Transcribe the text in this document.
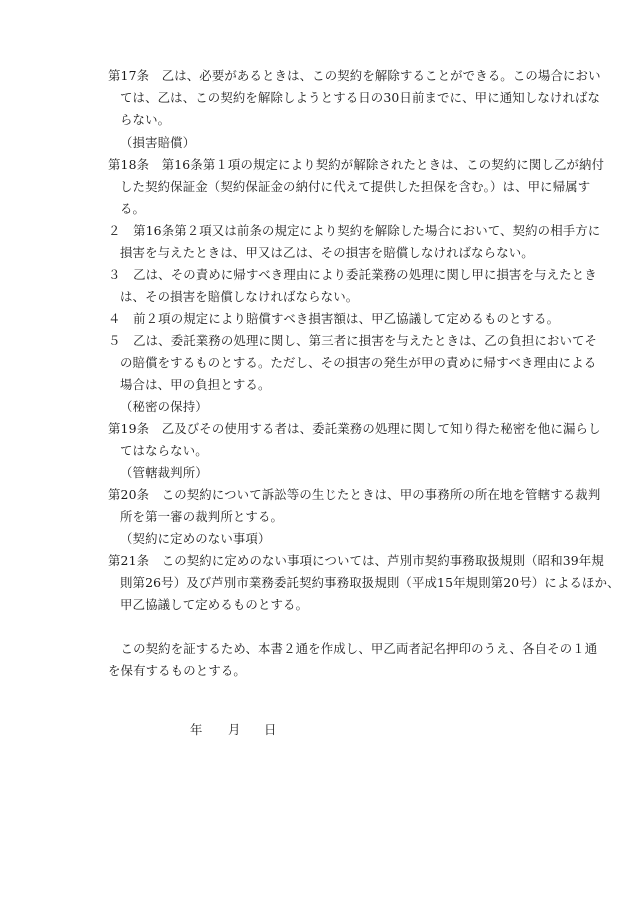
第17条　乙は、必要があるときは、この契約を解除することができる。この場合におい
ては、乙は、この契約を解除しようとする日の30日前までに、甲に通知しなければな
らない。
（損害賠償）
第18条　第16条第１項の規定により契約が解除されたときは、この契約に関し乙が納付
した契約保証金（契約保証金の納付に代えて提供した担保を含む。）は、甲に帰属す
る。
２　第16条第２項又は前条の規定により契約を解除した場合において、契約の相手方に
損害を与えたときは、甲又は乙は、その損害を賠償しなければならない。
３　乙は、その責めに帰すべき理由により委託業務の処理に関し甲に損害を与えたとき
は、その損害を賠償しなければならない。
４　前２項の規定により賠償すべき損害額は、甲乙協議して定めるものとする。
５　乙は、委託業務の処理に関し、第三者に損害を与えたときは、乙の負担においてそ
の賠償をするものとする。ただし、その損害の発生が甲の責めに帰すべき理由による
場合は、甲の負担とする。
（秘密の保持）
第19条　乙及びその使用する者は、委託業務の処理に関して知り得た秘密を他に漏らし
てはならない。
（管轄裁判所）
第20条　この契約について訴訟等の生じたときは、甲の事務所の所在地を管轄する裁判
所を第一審の裁判所とする。
（契約に定めのない事項）
第21条　この契約に定めのない事項については、芦別市契約事務取扱規則（昭和39年規
則第26号）及び芦別市業務委託契約事務取扱規則（平成15年規則第20号）によるほか、
甲乙協議して定めるものとする。
　この契約を証するため、本書２通を作成し、甲乙両者記名押印のうえ、各自その１通
を保有するものとする。
年 月 日
